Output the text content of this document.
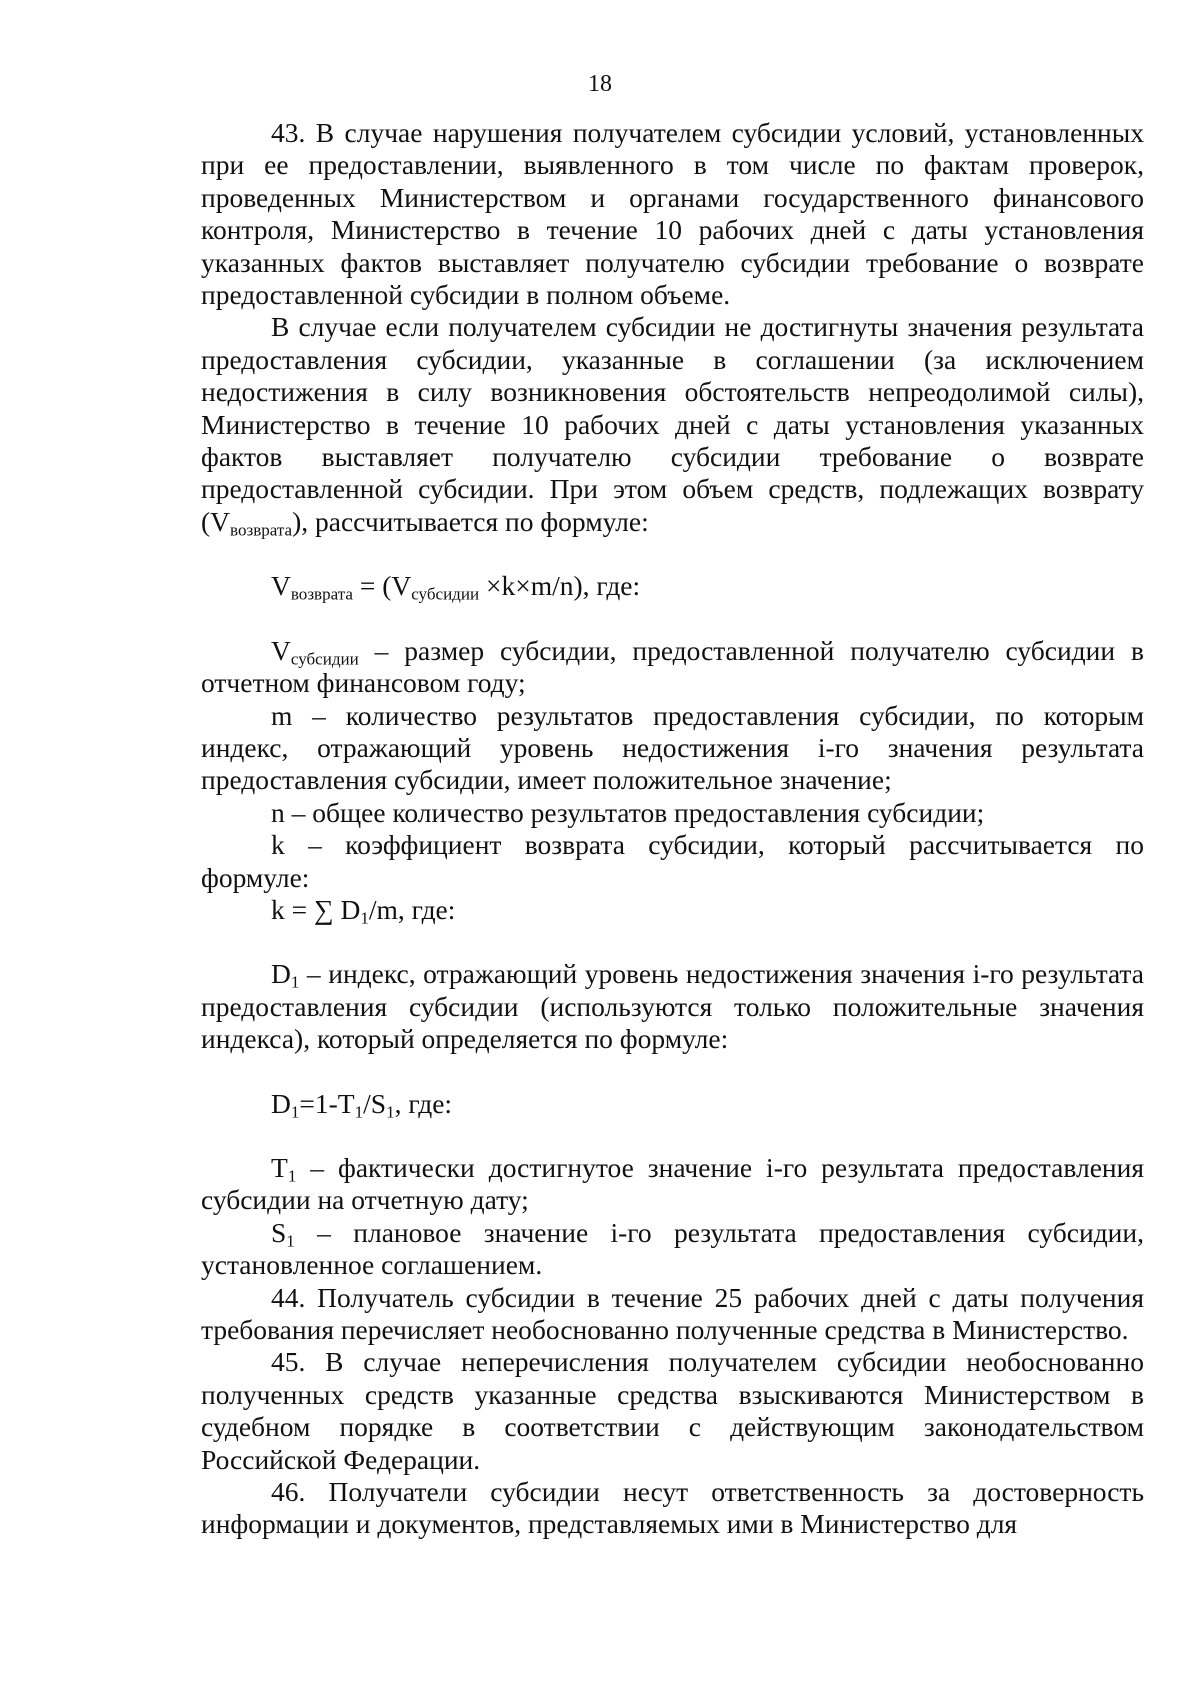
18

43. В случае нарушения получателем субсидии условий, установленных при ее предоставлении, выявленного в том числе по фактам проверок, проведенных Министерством и органами государственного финансового контроля, Министерство в течение 10 рабочих дней с даты установления указанных фактов выставляет получателю субсидии требование о возврате предоставленной субсидии в полном объеме.

В случае если получателем субсидии не достигнуты значения результата предоставления субсидии, указанные в соглашении (за исключением недостижения в силу возникновения обстоятельств непреодолимой силы), Министерство в течение 10 рабочих дней с даты установления указанных фактов выставляет получателю субсидии требование о возврате предоставленной субсидии. При этом объем средств, подлежащих возврату $(V_{возврата})$, рассчитывается по формуле:

$V_{возврата} = (V_{субсидии} \times k\times m/n)$, где:

$V_{субсидии}$ – размер субсидии, предоставленной получателю субсидии в отчетном финансовом году;

m – количество результатов предоставления субсидии, по которым индекс, отражающий уровень недостижения i-го значения результата предоставления субсидии, имеет положительное значение;

n – общее количество результатов предоставления субсидии;

k – коэффициент возврата субсидии, который рассчитывается по формуле:

k = ∑ $D_1/m$, где:

$D_1$ – индекс, отражающий уровень недостижения значения i-го результата предоставления субсидии (используются только положительные значения индекса), который определяется по формуле:

$D_1=1-T_1/S_1$, где:

$T_1$ – фактически достигнутое значение i-го результата предоставления субсидии на отчетную дату;

$S_1$ – плановое значение i-го результата предоставления субсидии, установленное соглашением.

44. Получатель субсидии в течение 25 рабочих дней с даты получения требования перечисляет необоснованно полученные средства в Министерство.

45. В случае неперечисления получателем субсидии необоснованно полученных средств указанные средства взыскиваются Министерством в судебном порядке в соответствии с действующим законодательством Российской Федерации.

46. Получатели субсидии несут ответственность за достоверность информации и документов, представляемых ими в Министерство для
